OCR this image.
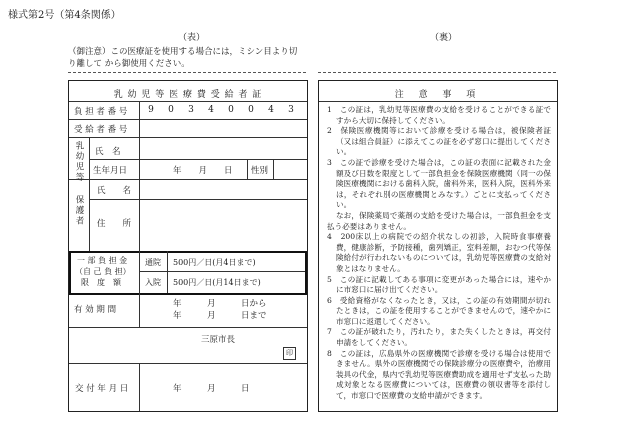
様式第2号（第4条関係）
（表）	（裏）
（御注意）この医療証を使用する場合には，ミシン目より切り離して から御使用ください。
乳 幼 児 等 医 療 費 受 給 者 証
負 担 者 番 号	9	0	3	4	0	0	4	3
受 給 者 番 号
乳幼児等 氏　名
生年月日	年　　月　　日 性別
保護者
氏　　名
住　　所
一 部 負 担 金
（自 己 負 担）
限　度　額
通院 500円／日(月4日まで)
入院 500円／日(月14日まで)
有 効 期 間
年　　　月　　　日から
年　　　月　　　日まで
三原市長
印
交 付 年 月 日	年　　　月　　　日
注 意 事 項

1　この証は，乳幼児等医療費の支給を受けることができる証ですから大切に保持してください。

2　保険医療機関等において診療を受ける場合は，被保険者証（又は組合員証）に添えてこの証を必ず窓口に提出してください。

3　この証で診療を受けた場合は，この証の表面に記載された金額及び日数を限度として一部負担金を保険医療機関（同一の保険医療機関における歯科入院，歯科外来，医科入院，医科外来は，それぞれ別の医療機関とみなす。）ごとに支払ってください。

なお，保険薬局で薬剤の支給を受けた場合は，一部負担金を支払う必要はありません。

4　200床以上の病院での紹介状なしの初診，入院時食事療養費，健康診断，予防接種，歯列矯正，室料差額，おむつ代等保険給付が行われないものについては，乳幼児等医療費の支給対象とはなりません。

5　この証に記載してある事項に変更があった場合には，速やかに市窓口に届け出てください。

6　受給資格がなくなったとき，又は，この証の有効期間が切れたときは，この証を使用することができませんので，速やかに市窓口に返還してください。

7　この証が破れたり，汚れたり，また失くしたときは，再交付申請をしてください。

8　この証は，広島県外の医療機関で診療を受ける場合は使用できません。県外の医療機関での保険診療分の医療費や，治療用装具の代金，県内で乳幼児等医療費助成を適用せず支払った助成対象となる医療費については，医療費の領収書等を添付して，市窓口で医療費の支給申請ができます。
